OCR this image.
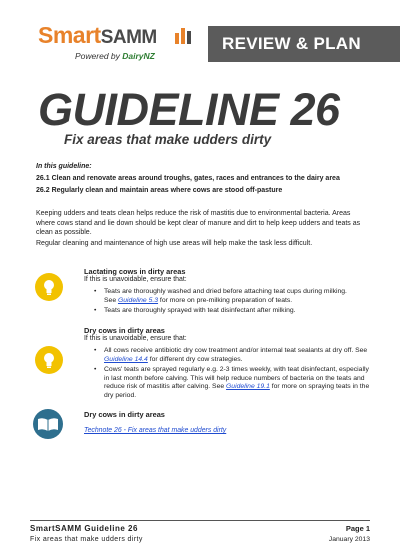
SmartSAMM
Powered by DairyNZ
REVIEW & PLAN
GUIDELINE 26
Fix areas that make udders dirty
In this guideline:
26.1 Clean and renovate areas around troughs, gates, races and entrances to the dairy area
26.2 Regularly clean and maintain areas where cows are stood off-pasture
Keeping udders and teats clean helps reduce the risk of mastitis due to environmental bacteria. Areas where cows stand and lie down should be kept clear of manure and dirt to help keep udders and teats as clean as possible.
Regular cleaning and maintenance of high use areas will help make the task less difficult.
Lactating cows in dirty areas
If this is unavoidable, ensure that:
• Teats are thoroughly washed and dried before attaching teat cups during milking.
See Guideline 5.3 for more on pre-milking preparation of teats.
• Teats are thoroughly sprayed with teat disinfectant after milking.
Dry cows in dirty areas
If this is unavoidable, ensure that:
• All cows receive antibiotic dry cow treatment and/or internal teat sealants at dry off. See Guideline 14.4 for different dry cow strategies.
• Cows' teats are sprayed regularly e.g. 2-3 times weekly, with teat disinfectant, especially in last month before calving. This will help reduce numbers of bacteria on the teats and reduce risk of mastitis after calving. See Guideline 19.1 for more on spraying teats in the dry period.
Dry cows in dirty areas
Technote 26 - Fix areas that make udders dirty
SmartSAMM Guideline 26
Fix areas that make udders dirty
Page 1
January 2013
